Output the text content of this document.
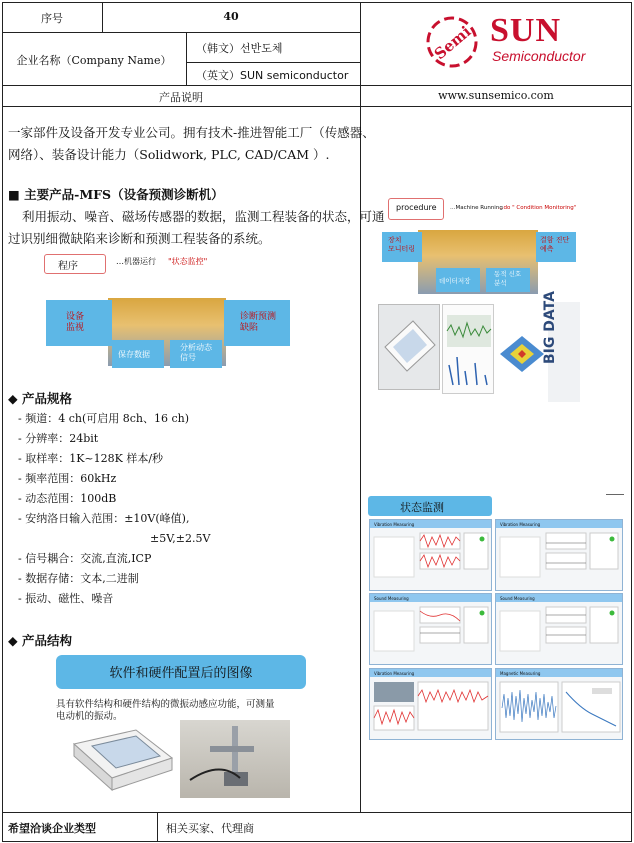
序号	40
企业名称（Company Name）
（韩文）선반도체
（英文）SUN semiconductor
Semi SUN
Semiconductor
产品说明	www.sunsemico.com
一家部件及设备开发专业公司。拥有技术-推进智能工厂（传感器、
网络）、装备设计能力（Solidwork, PLC, CAD/CAM ）.
■ 主要产品-MFS（设备预测诊断机）
利用振动、噪音、磁场传感器的数据，监测工程装备的状态，可通
过识别细微缺陷来诊断和预测工程装备的系统。
程序	…机器运行 "状态监控"
设备
监视
诊断预测
缺陷
保存数据
分析动态
信号
◆ 产品规格
- 频道：4 ch(可启用 8ch、16 ch)
- 分辨率：24bit
- 取样率：1K~128K 样本/秒
- 频率范围：60kHz
- 动态范围：100dB
- 安纳洛日输入范围：±10V(峰值),
±5V,±2.5V
- 信号耦合：交流,直流,ICP
- 数据存储：文本,二进制
- 振动、磁性、噪音
◆ 产品结构
软件和硬件配置后的图像
具有软件结构和硬件结构的微振动感应功能，可测量
电动机的振动。
procedure …Machine Running
…do " Condition Monitoring"
장치
모니터링
결함 진단
예측
데이터저장
동적 신호
분석
BIG DATA
状态监测
Vibration Measuring	Vibration Measuring
Sound Measuring	Sound Measuring
Vibration Measuring	Magnetic Measuring
希望洽谈企业类型	相关买家、代理商
